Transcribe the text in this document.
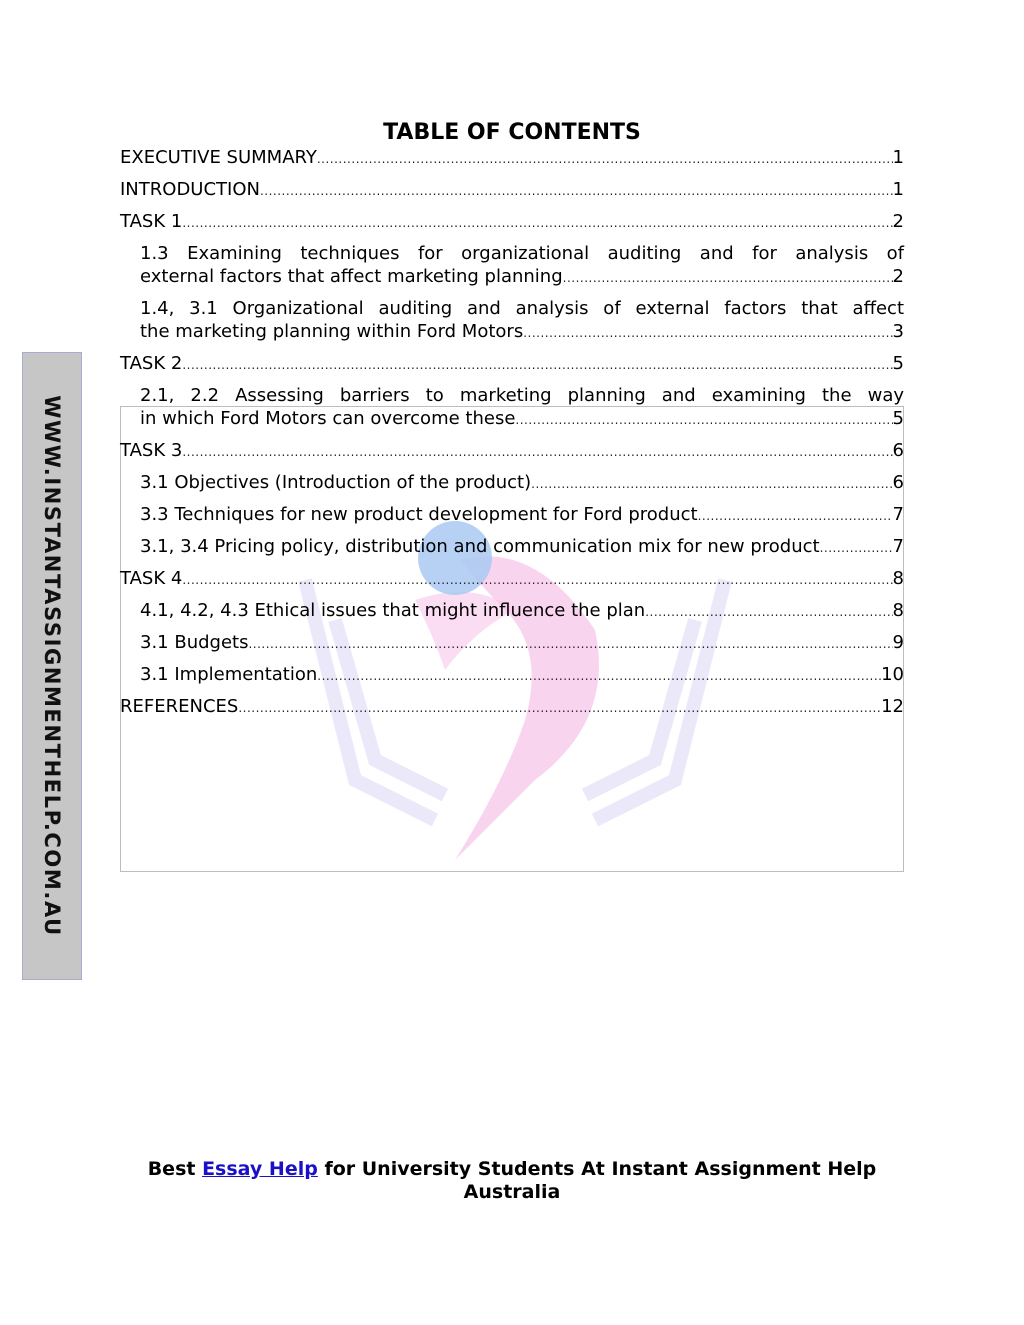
WWW.INSTANTASSIGNMENTHELP.COM.AU
TABLE OF CONTENTS
EXECUTIVE SUMMARY .....	1
INTRODUCTION .....	1
TASK 1 .....	2
1.3 Examining techniques for organizational auditing and for analysis of
external factors that affect marketing planning .....	2
1.4, 3.1 Organizational auditing and analysis of external factors that affect
the marketing planning within Ford Motors .....	3
TASK 2 .....	5
2.1, 2.2 Assessing barriers to marketing planning and examining the way
in which Ford Motors can overcome these .....	5
TASK 3 .....	6
3.1 Objectives (Introduction of the product) .....	6
3.3 Techniques for new product development for Ford product .....	7
3.1, 3.4 Pricing policy, distribution and communication mix for new product .....	7
TASK 4 .....	8
4.1, 4.2, 4.3 Ethical issues that might influence the plan .....	8
3.1 Budgets .....	9
3.1 Implementation .....	10
REFERENCES .....	12
Best Essay Help for University Students At Instant Assignment Help Australia
